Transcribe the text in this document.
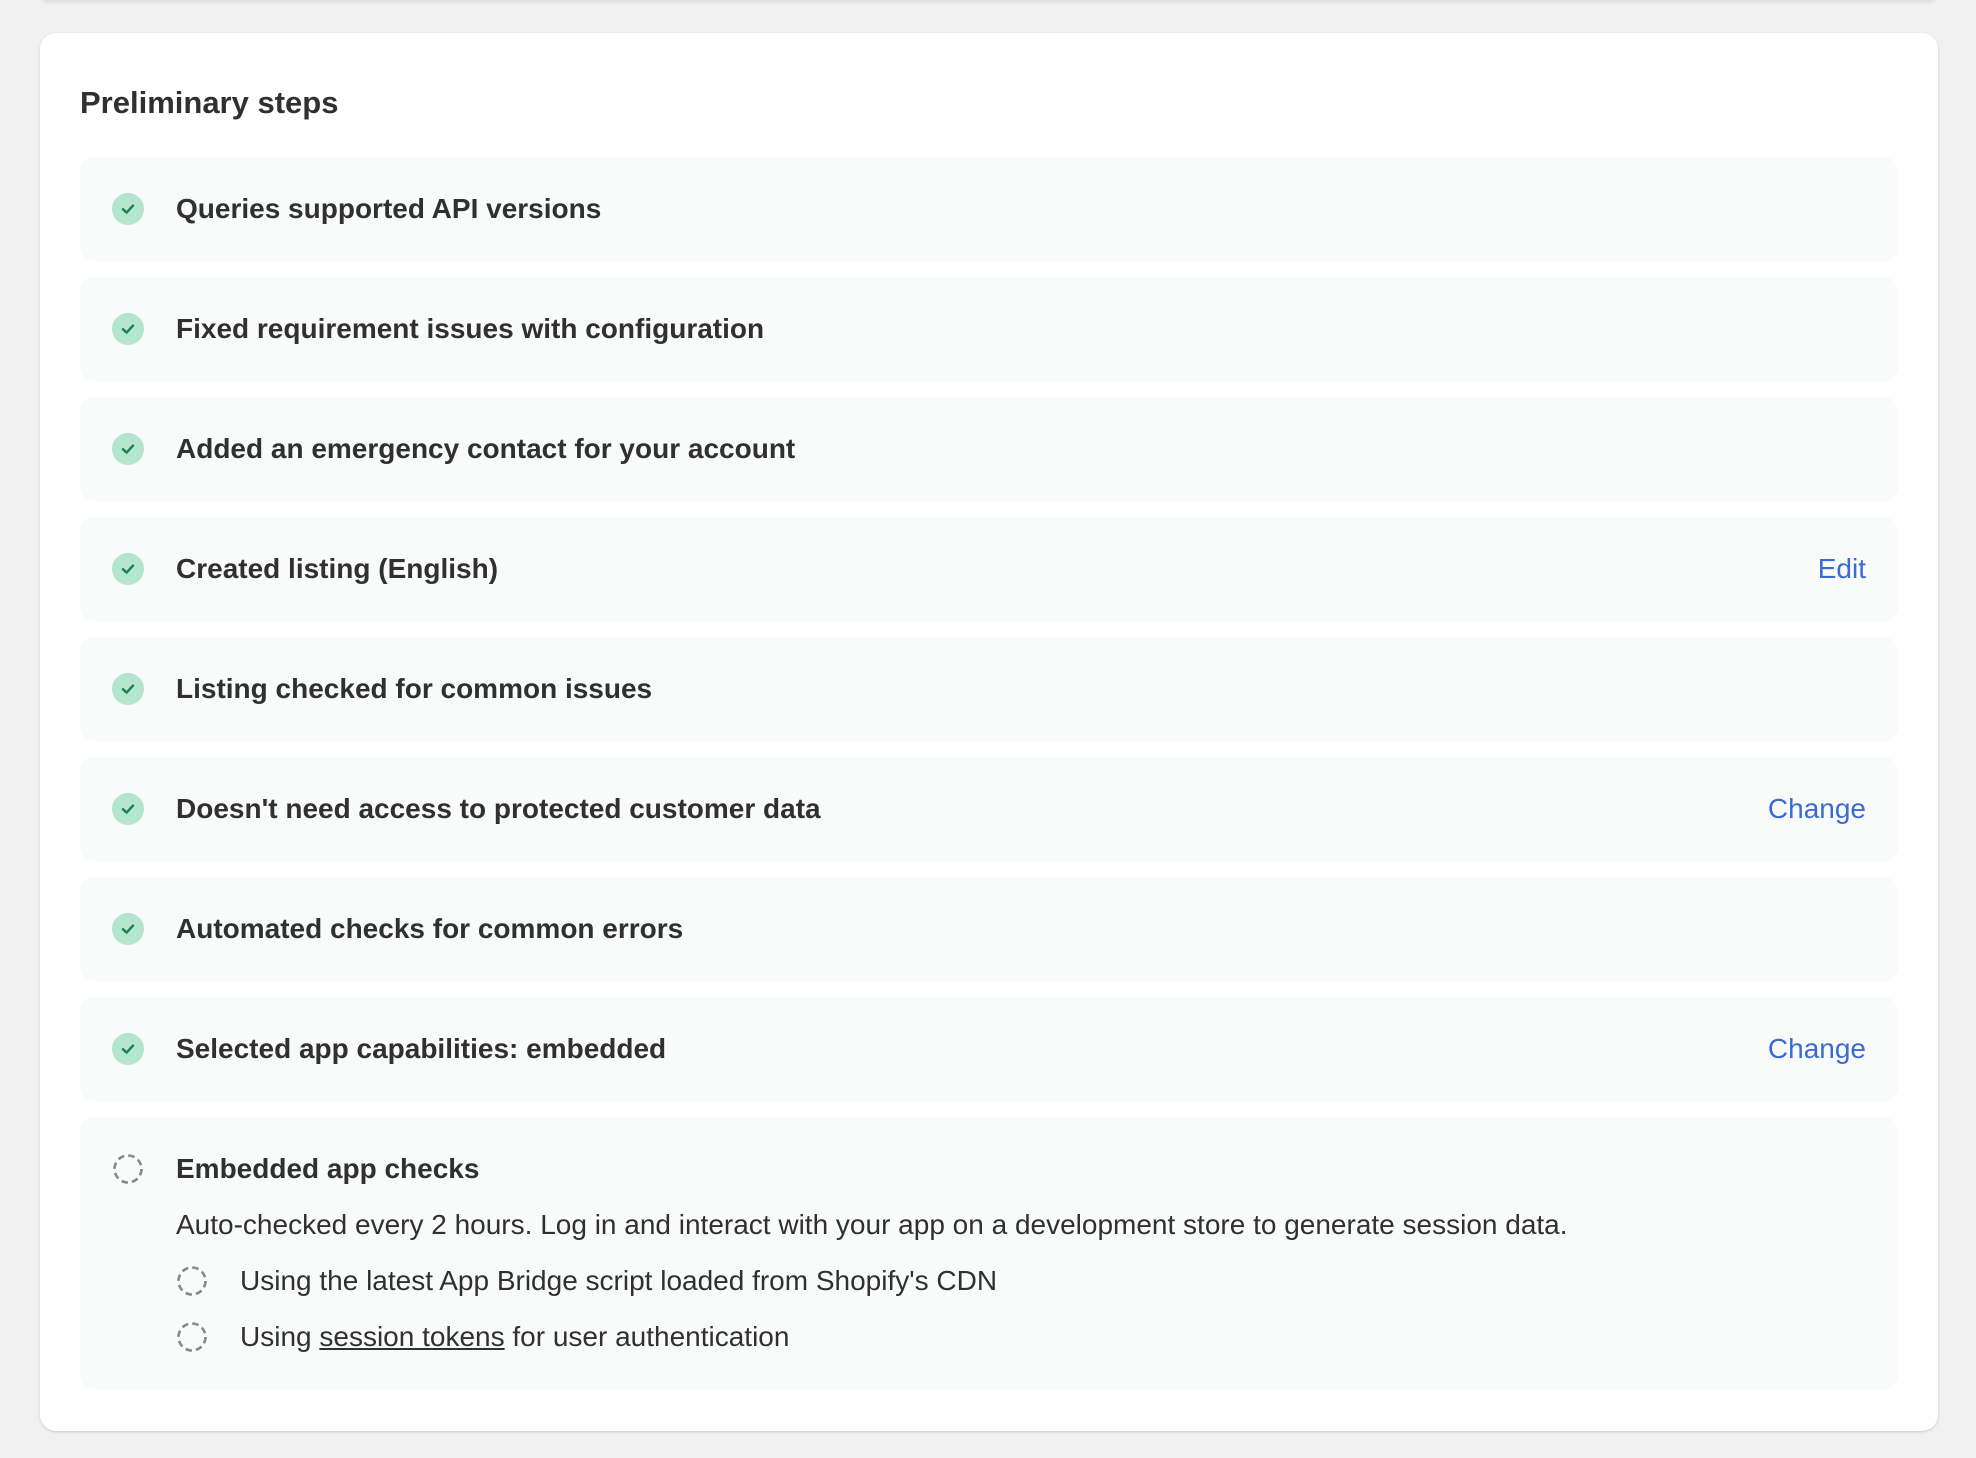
Preliminary steps
Queries supported API versions
Fixed requirement issues with configuration
Added an emergency contact for your account
Created listing (English)	Edit
Listing checked for common issues
Doesn't need access to protected customer data	Change
Automated checks for common errors
Selected app capabilities: embedded	Change
Embedded app checks
Auto-checked every 2 hours. Log in and interact with your app on a development store to generate session data.
Using the latest App Bridge script loaded from Shopify's CDN
Using session tokens for user authentication
